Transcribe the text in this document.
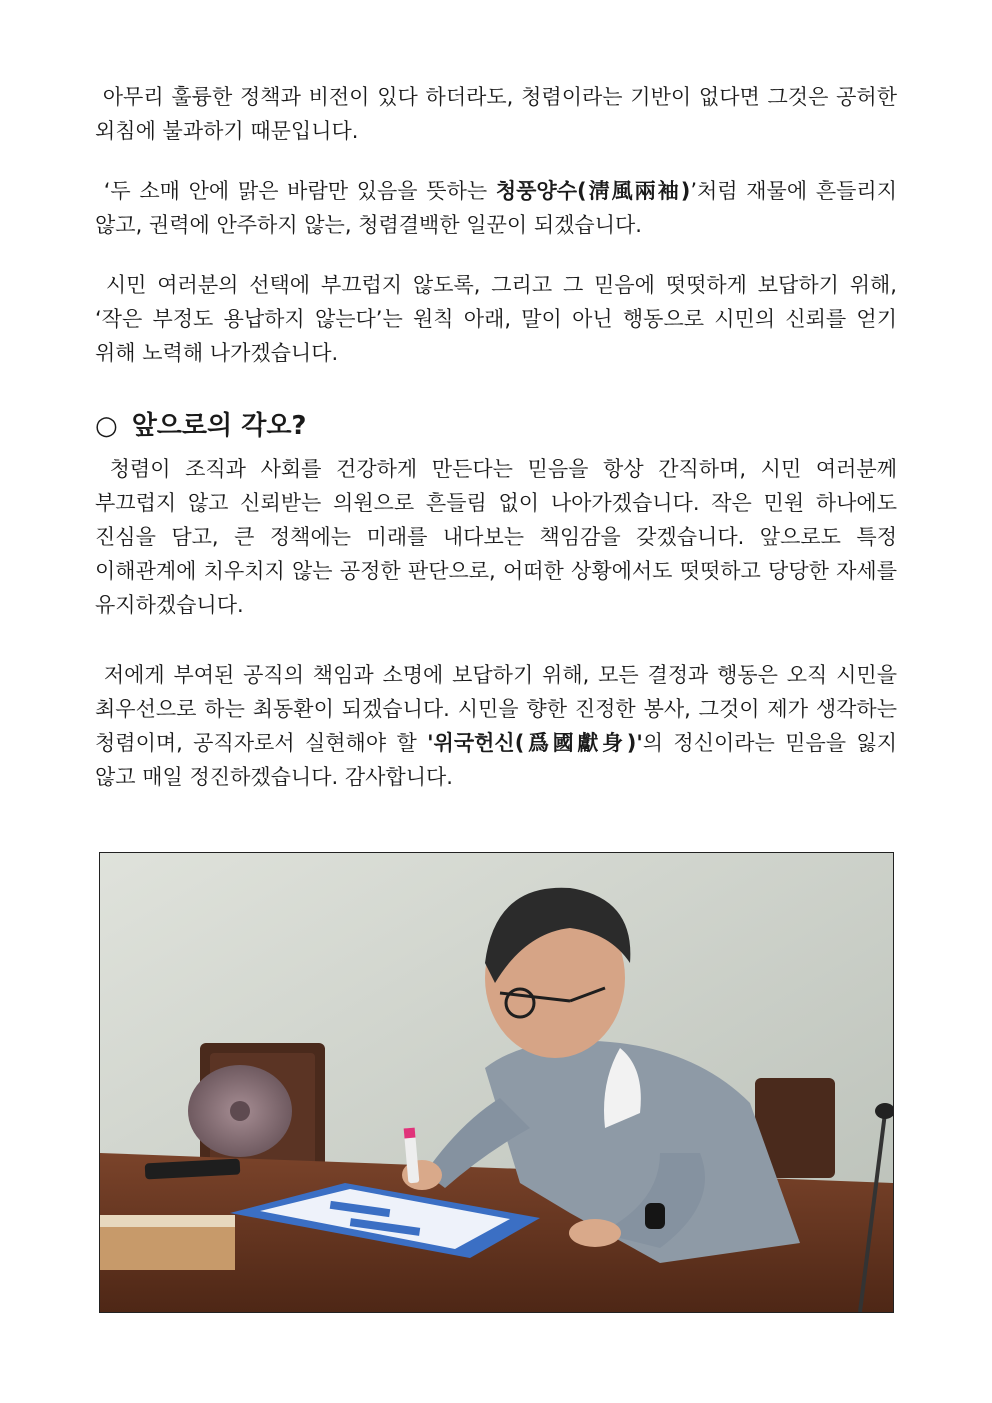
아무리 훌륭한 정책과 비전이 있다 하더라도, 청렴이라는 기반이 없다면 그것은 공허한 외침에 불과하기 때문입니다.

‘두 소매 안에 맑은 바람만 있음을 뜻하는 청풍양수(淸風兩袖)’처럼 재물에 흔들리지 않고, 권력에 안주하지 않는, 청렴결백한 일꾼이 되겠습니다.

시민 여러분의 선택에 부끄럽지 않도록, 그리고 그 믿음에 떳떳하게 보답하기 위해, ‘작은 부정도 용납하지 않는다’는 원칙 아래, 말이 아닌 행동으로 시민의 신뢰를 얻기 위해 노력해 나가겠습니다.

○ 앞으로의 각오?

청렴이 조직과 사회를 건강하게 만든다는 믿음을 항상 간직하며, 시민 여러분께 부끄럽지 않고 신뢰받는 의원으로 흔들림 없이 나아가겠습니다. 작은 민원 하나에도 진심을 담고, 큰 정책에는 미래를 내다보는 책임감을 갖겠습니다. 앞으로도 특정 이해관계에 치우치지 않는 공정한 판단으로, 어떠한 상황에서도 떳떳하고 당당한 자세를 유지하겠습니다.

저에게 부여된 공직의 책임과 소명에 보답하기 위해, 모든 결정과 행동은 오직 시민을 최우선으로 하는 최동환이 되겠습니다. 시민을 향한 진정한 봉사, 그것이 제가 생각하는 청렴이며, 공직자로서 실현해야 할 '위국헌신(爲國獻身)'의 정신이라는 믿음을 잃지 않고 매일 정진하겠습니다. 감사합니다.
